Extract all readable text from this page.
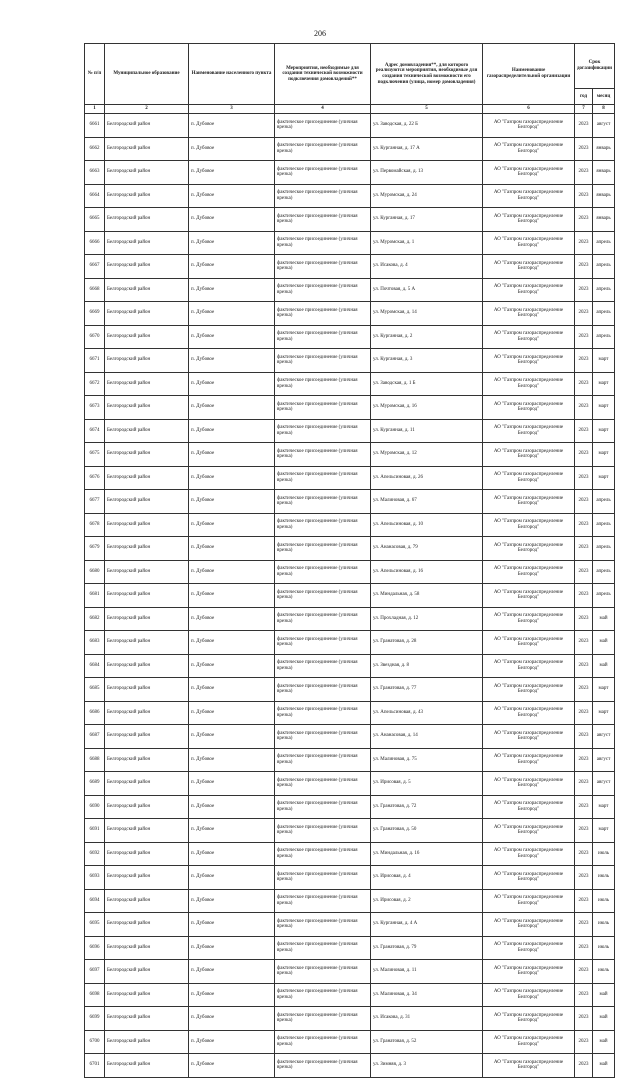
206
№ п/п	Муниципальное образование	Наименование населенного пункта	Мероприятия, необходимые для создания технической возможности подключения домовладений**	Адрес домовладения**, для которого реализуются мероприятия, необходимые для создания технической возможности его подключения (улица, номер домовладения)	Наименование газораспределительной организации	Срок догазификации	
						год	месяц
1	2	3	4	5	6	7	8
6661	Белгородский район	п. Дубовое	фактическое присоединение (уличная врезка)	ул. Заводская, д. 22 Б	АО "Газпром газораспределение Белгород"	2023	август
6662	Белгородский район	п. Дубовое	фактическое присоединение (уличная врезка)	ул. Курганная, д. 17 А	АО "Газпром газораспределение Белгород"	2023	январь
6663	Белгородский район	п. Дубовое	фактическое присоединение (уличная врезка)	ул. Первомайская, д. 13	АО "Газпром газораспределение Белгород"	2023	январь
6664	Белгородский район	п. Дубовое	фактическое присоединение (уличная врезка)	ул. Муромская, д. 24	АО "Газпром газораспределение Белгород"	2023	январь
6665	Белгородский район	п. Дубовое	фактическое присоединение (уличная врезка)	ул. Курганная, д. 17	АО "Газпром газораспределение Белгород"	2023	январь
6666	Белгородский район	п. Дубовое	фактическое присоединение (уличная врезка)	ул. Муромская, д. 1	АО "Газпром газораспределение Белгород"	2023	апрель
6667	Белгородский район	п. Дубовое	фактическое присоединение (уличная врезка)	ул. Исаковa, д. 4	АО "Газпром газораспределение Белгород"	2023	апрель
6668	Белгородский район	п. Дубовое	фактическое присоединение (уличная врезка)	ул. Почтовая, д. 5 А	АО "Газпром газораспределение Белгород"	2023	апрель
6669	Белгородский район	п. Дубовое	фактическое присоединение (уличная врезка)	ул. Муромская, д. 14	АО "Газпром газораспределение Белгород"	2023	апрель
6670	Белгородский район	п. Дубовое	фактическое присоединение (уличная врезка)	ул. Курганная, д. 2	АО "Газпром газораспределение Белгород"	2023	апрель
6671	Белгородский район	п. Дубовое	фактическое присоединение (уличная врезка)	ул. Курганная, д. 3	АО "Газпром газораспределение Белгород"	2023	март
6672	Белгородский район	п. Дубовое	фактическое присоединение (уличная врезка)	ул. Заводская, д. 1 Б	АО "Газпром газораспределение Белгород"	2023	март
6673	Белгородский район	п. Дубовое	фактическое присоединение (уличная врезка)	ул. Муромская, д. 16	АО "Газпром газораспределение Белгород"	2023	март
6674	Белгородский район	п. Дубовое	фактическое присоединение (уличная врезка)	ул. Курганная, д. 11	АО "Газпром газораспределение Белгород"	2023	март
6675	Белгородский район	п. Дубовое	фактическое присоединение (уличная врезка)	ул. Муромская, д. 12	АО "Газпром газораспределение Белгород"	2023	март
6676	Белгородский район	п. Дубовое	фактическое присоединение (уличная врезка)	ул. Апельсиновая, д. 26	АО "Газпром газораспределение Белгород"	2023	март
6677	Белгородский район	п. Дубовое	фактическое присоединение (уличная врезка)	ул. Малиновая, д. 67	АО "Газпром газораспределение Белгород"	2023	апрель
6678	Белгородский район	п. Дубовое	фактическое присоединение (уличная врезка)	ул. Апельсиновая, д. 10	АО "Газпром газораспределение Белгород"	2023	апрель
6679	Белгородский район	п. Дубовое	фактическое присоединение (уличная врезка)	ул. Ананасовая, д. 79	АО "Газпром газораспределение Белгород"	2023	апрель
6680	Белгородский район	п. Дубовое	фактическое присоединение (уличная врезка)	ул. Апельсиновая, д. 16	АО "Газпром газораспределение Белгород"	2023	апрель
6681	Белгородский район	п. Дубовое	фактическое присоединение (уличная врезка)	ул. Миндальная, д. 58	АО "Газпром газораспределение Белгород"	2023	апрель
6682	Белгородский район	п. Дубовое	фактическое присоединение (уличная врезка)	ул. Прохладная, д. 12	АО "Газпром газораспределение Белгород"	2023	май
6683	Белгородский район	п. Дубовое	фактическое присоединение (уличная врезка)	ул. Гранатовая, д. 28	АО "Газпром газораспределение Белгород"	2023	май
6684	Белгородский район	п. Дубовое	фактическое присоединение (уличная врезка)	ул. Звездная, д. 8	АО "Газпром газораспределение Белгород"	2023	май
6685	Белгородский район	п. Дубовое	фактическое присоединение (уличная врезка)	ул. Гранатовая, д. 77	АО "Газпром газораспределение Белгород"	2023	март
6686	Белгородский район	п. Дубовое	фактическое присоединение (уличная врезка)	ул. Апельсиновая, д. 43	АО "Газпром газораспределение Белгород"	2023	март
6687	Белгородский район	п. Дубовое	фактическое присоединение (уличная врезка)	ул. Ананасовая, д. 14	АО "Газпром газораспределение Белгород"	2023	август
6688	Белгородский район	п. Дубовое	фактическое присоединение (уличная врезка)	ул. Малиновая, д. 75	АО "Газпром газораспределение Белгород"	2023	август
6689	Белгородский район	п. Дубовое	фактическое присоединение (уличная врезка)	ул. Ирисовая, д. 5	АО "Газпром газораспределение Белгород"	2023	август
6690	Белгородский район	п. Дубовое	фактическое присоединение (уличная врезка)	ул. Гранатовая, д. 72	АО "Газпром газораспределение Белгород"	2023	март
6691	Белгородский район	п. Дубовое	фактическое присоединение (уличная врезка)	ул. Гранатовая, д. 50	АО "Газпром газораспределение Белгород"	2023	март
6692	Белгородский район	п. Дубовое	фактическое присоединение (уличная врезка)	ул. Миндальная, д. 16	АО "Газпром газораспределение Белгород"	2023	июль
6693	Белгородский район	п. Дубовое	фактическое присоединение (уличная врезка)	ул. Ирисовая, д. 4	АО "Газпром газораспределение Белгород"	2023	июль
6694	Белгородский район	п. Дубовое	фактическое присоединение (уличная врезка)	ул. Ирисовая, д. 2	АО "Газпром газораспределение Белгород"	2023	июль
6695	Белгородский район	п. Дубовое	фактическое присоединение (уличная врезка)	ул. Курганная, д. 4 А	АО "Газпром газораспределение Белгород"	2023	июль
6696	Белгородский район	п. Дубовое	фактическое присоединение (уличная врезка)	ул. Гранатовая, д. 79	АО "Газпром газораспределение Белгород"	2023	июль
6697	Белгородский район	п. Дубовое	фактическое присоединение (уличная врезка)	ул. Малиновая, д. 11	АО "Газпром газораспределение Белгород"	2023	июль
6698	Белгородский район	п. Дубовое	фактическое присоединение (уличная врезка)	ул. Малиновая, д. 34	АО "Газпром газораспределение Белгород"	2023	май
6699	Белгородский район	п. Дубовое	фактическое присоединение (уличная врезка)	ул. Исакова, д. 31	АО "Газпром газораспределение Белгород"	2023	май
6700	Белгородский район	п. Дубовое	фактическое присоединение (уличная врезка)	ул. Гранатовая, д. 52	АО "Газпром газораспределение Белгород"	2023	май
6701	Белгородский район	п. Дубовое	фактическое присоединение (уличная врезка)	ул. Зимняя, д. 3	АО "Газпром газораспределение Белгород"	2023	май
